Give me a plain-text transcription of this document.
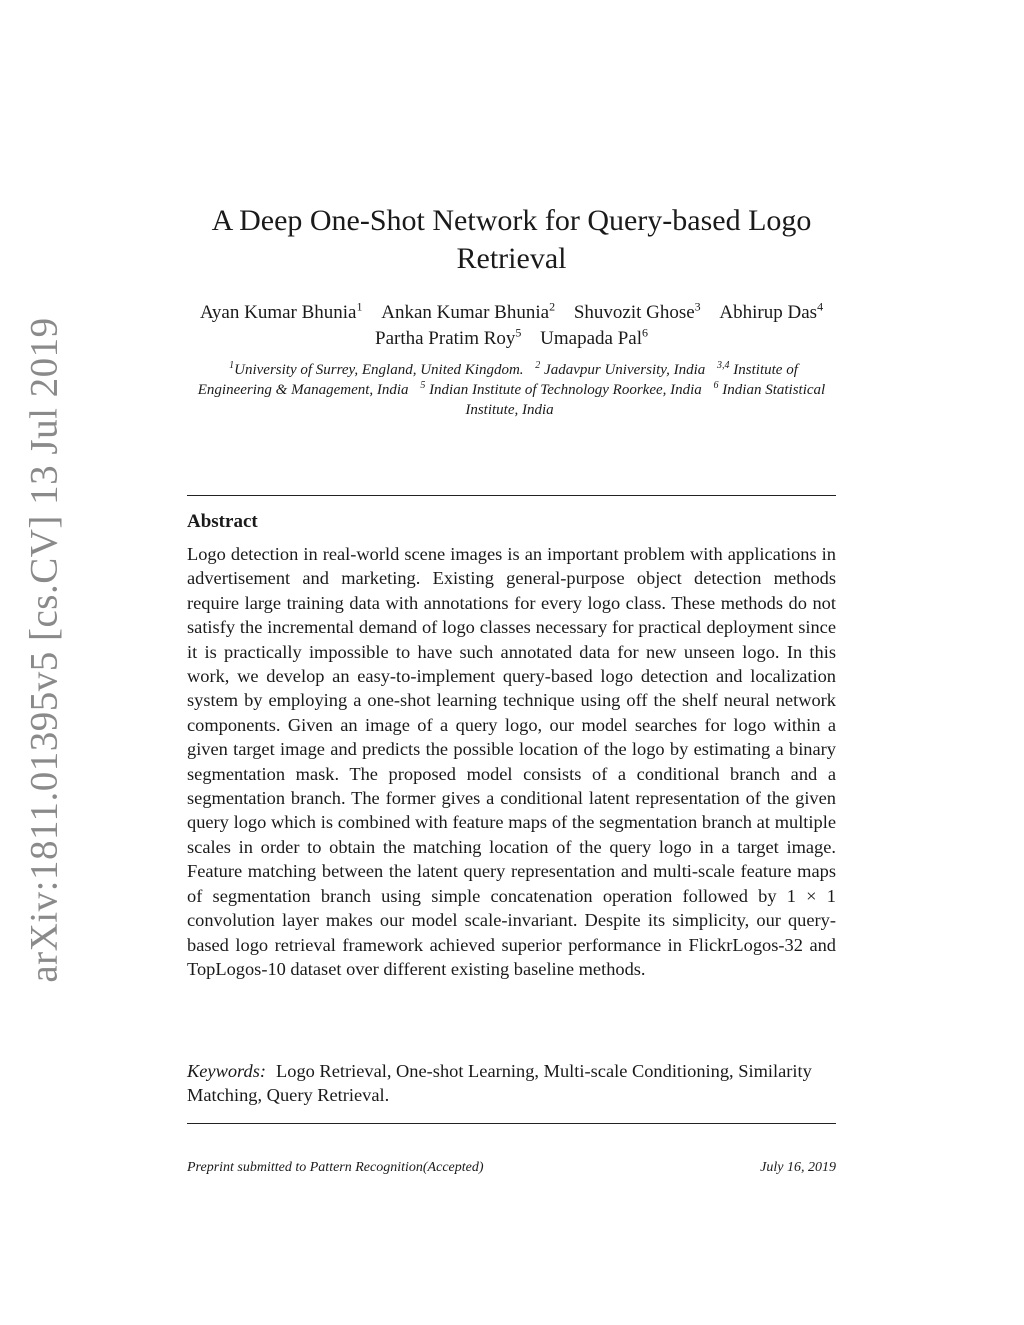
arXiv:1811.01395v5 [cs.CV] 13 Jul 2019
A Deep One-Shot Network for Query-based Logo Retrieval
Ayan Kumar Bhunia$^1$ Ankan Kumar Bhunia$^2$ Shuvozit Ghose$^3$ Abhirup Das$^4$ Partha Pratim Roy$^5$ Umapada Pal$^6$
$^1$University of Surrey, England, United Kingdom. $^2$ Jadavpur University, India $^{3,4}$ Institute of Engineering & Management, India $^5$ Indian Institute of Technology Roorkee, India $^6$ Indian Statistical Institute, India
Abstract

Logo detection in real-world scene images is an important problem with applications in advertisement and marketing. Existing general-purpose object detection methods require large training data with annotations for every logo class. These methods do not satisfy the incremental demand of logo classes necessary for practical deployment since it is practically impossible to have such annotated data for new unseen logo. In this work, we develop an easy-to-implement query-based logo detection and localization system by employing a one-shot learning technique using off the shelf neural network components. Given an image of a query logo, our model searches for logo within a given target image and predicts the possible location of the logo by estimating a binary segmentation mask. The proposed model consists of a conditional branch and a segmentation branch. The former gives a conditional latent representation of the given query logo which is combined with feature maps of the segmentation branch at multiple scales in order to obtain the matching location of the query logo in a target image. Feature matching between the latent query representation and multi-scale feature maps of segmentation branch using simple concatenation operation followed by 1 × 1 convolution layer makes our model scale-invariant. Despite its simplicity, our query-based logo retrieval framework achieved superior performance in FlickrLogos-32 and TopLogos-10 dataset over different existing baseline methods.

Keywords: Logo Retrieval, One-shot Learning, Multi-scale Conditioning, Similarity Matching, Query Retrieval.

Preprint submitted to Pattern Recognition(Accepted)	July 16, 2019
